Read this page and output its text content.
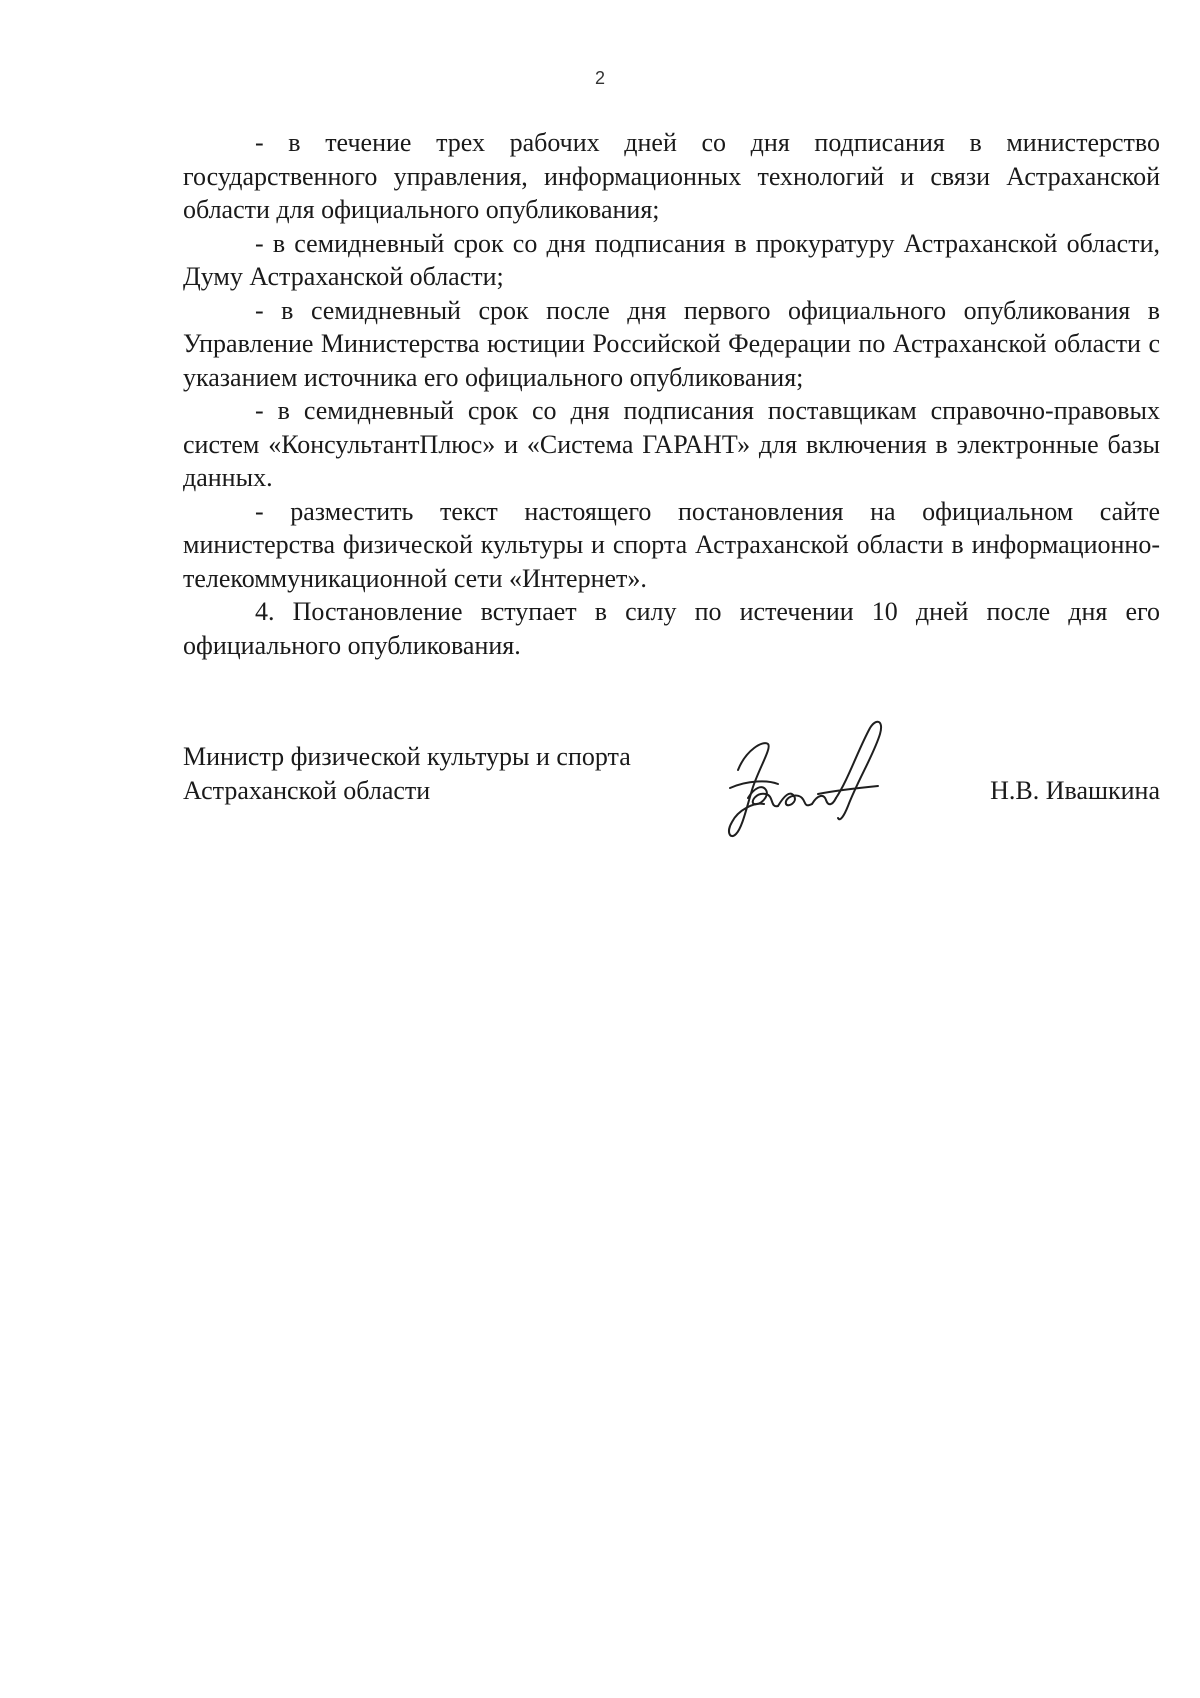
2

- в течение трех рабочих дней со дня подписания в министерство государственного управления, информационных технологий и связи Астраханской области для официального опубликования;

- в семидневный срок со дня подписания в прокуратуру Астраханской области, Думу Астраханской области;

- в семидневный срок после дня первого официального опубликования в Управление Министерства юстиции Российской Федерации по Астраханской области с указанием источника его официального опубликования;

- в семидневный срок со дня подписания поставщикам справочно-правовых систем «КонсультантПлюс» и «Система ГАРАНТ» для включения в электронные базы данных.

- разместить текст настоящего постановления на официальном сайте министерства физической культуры и спорта Астраханской области в информационно-телекоммуникационной сети «Интернет».

4. Постановление вступает в силу по истечении 10 дней после дня его официального опубликования.

Министр физической культуры и спорта
Астраханской области	Н.В. Ивашкина
